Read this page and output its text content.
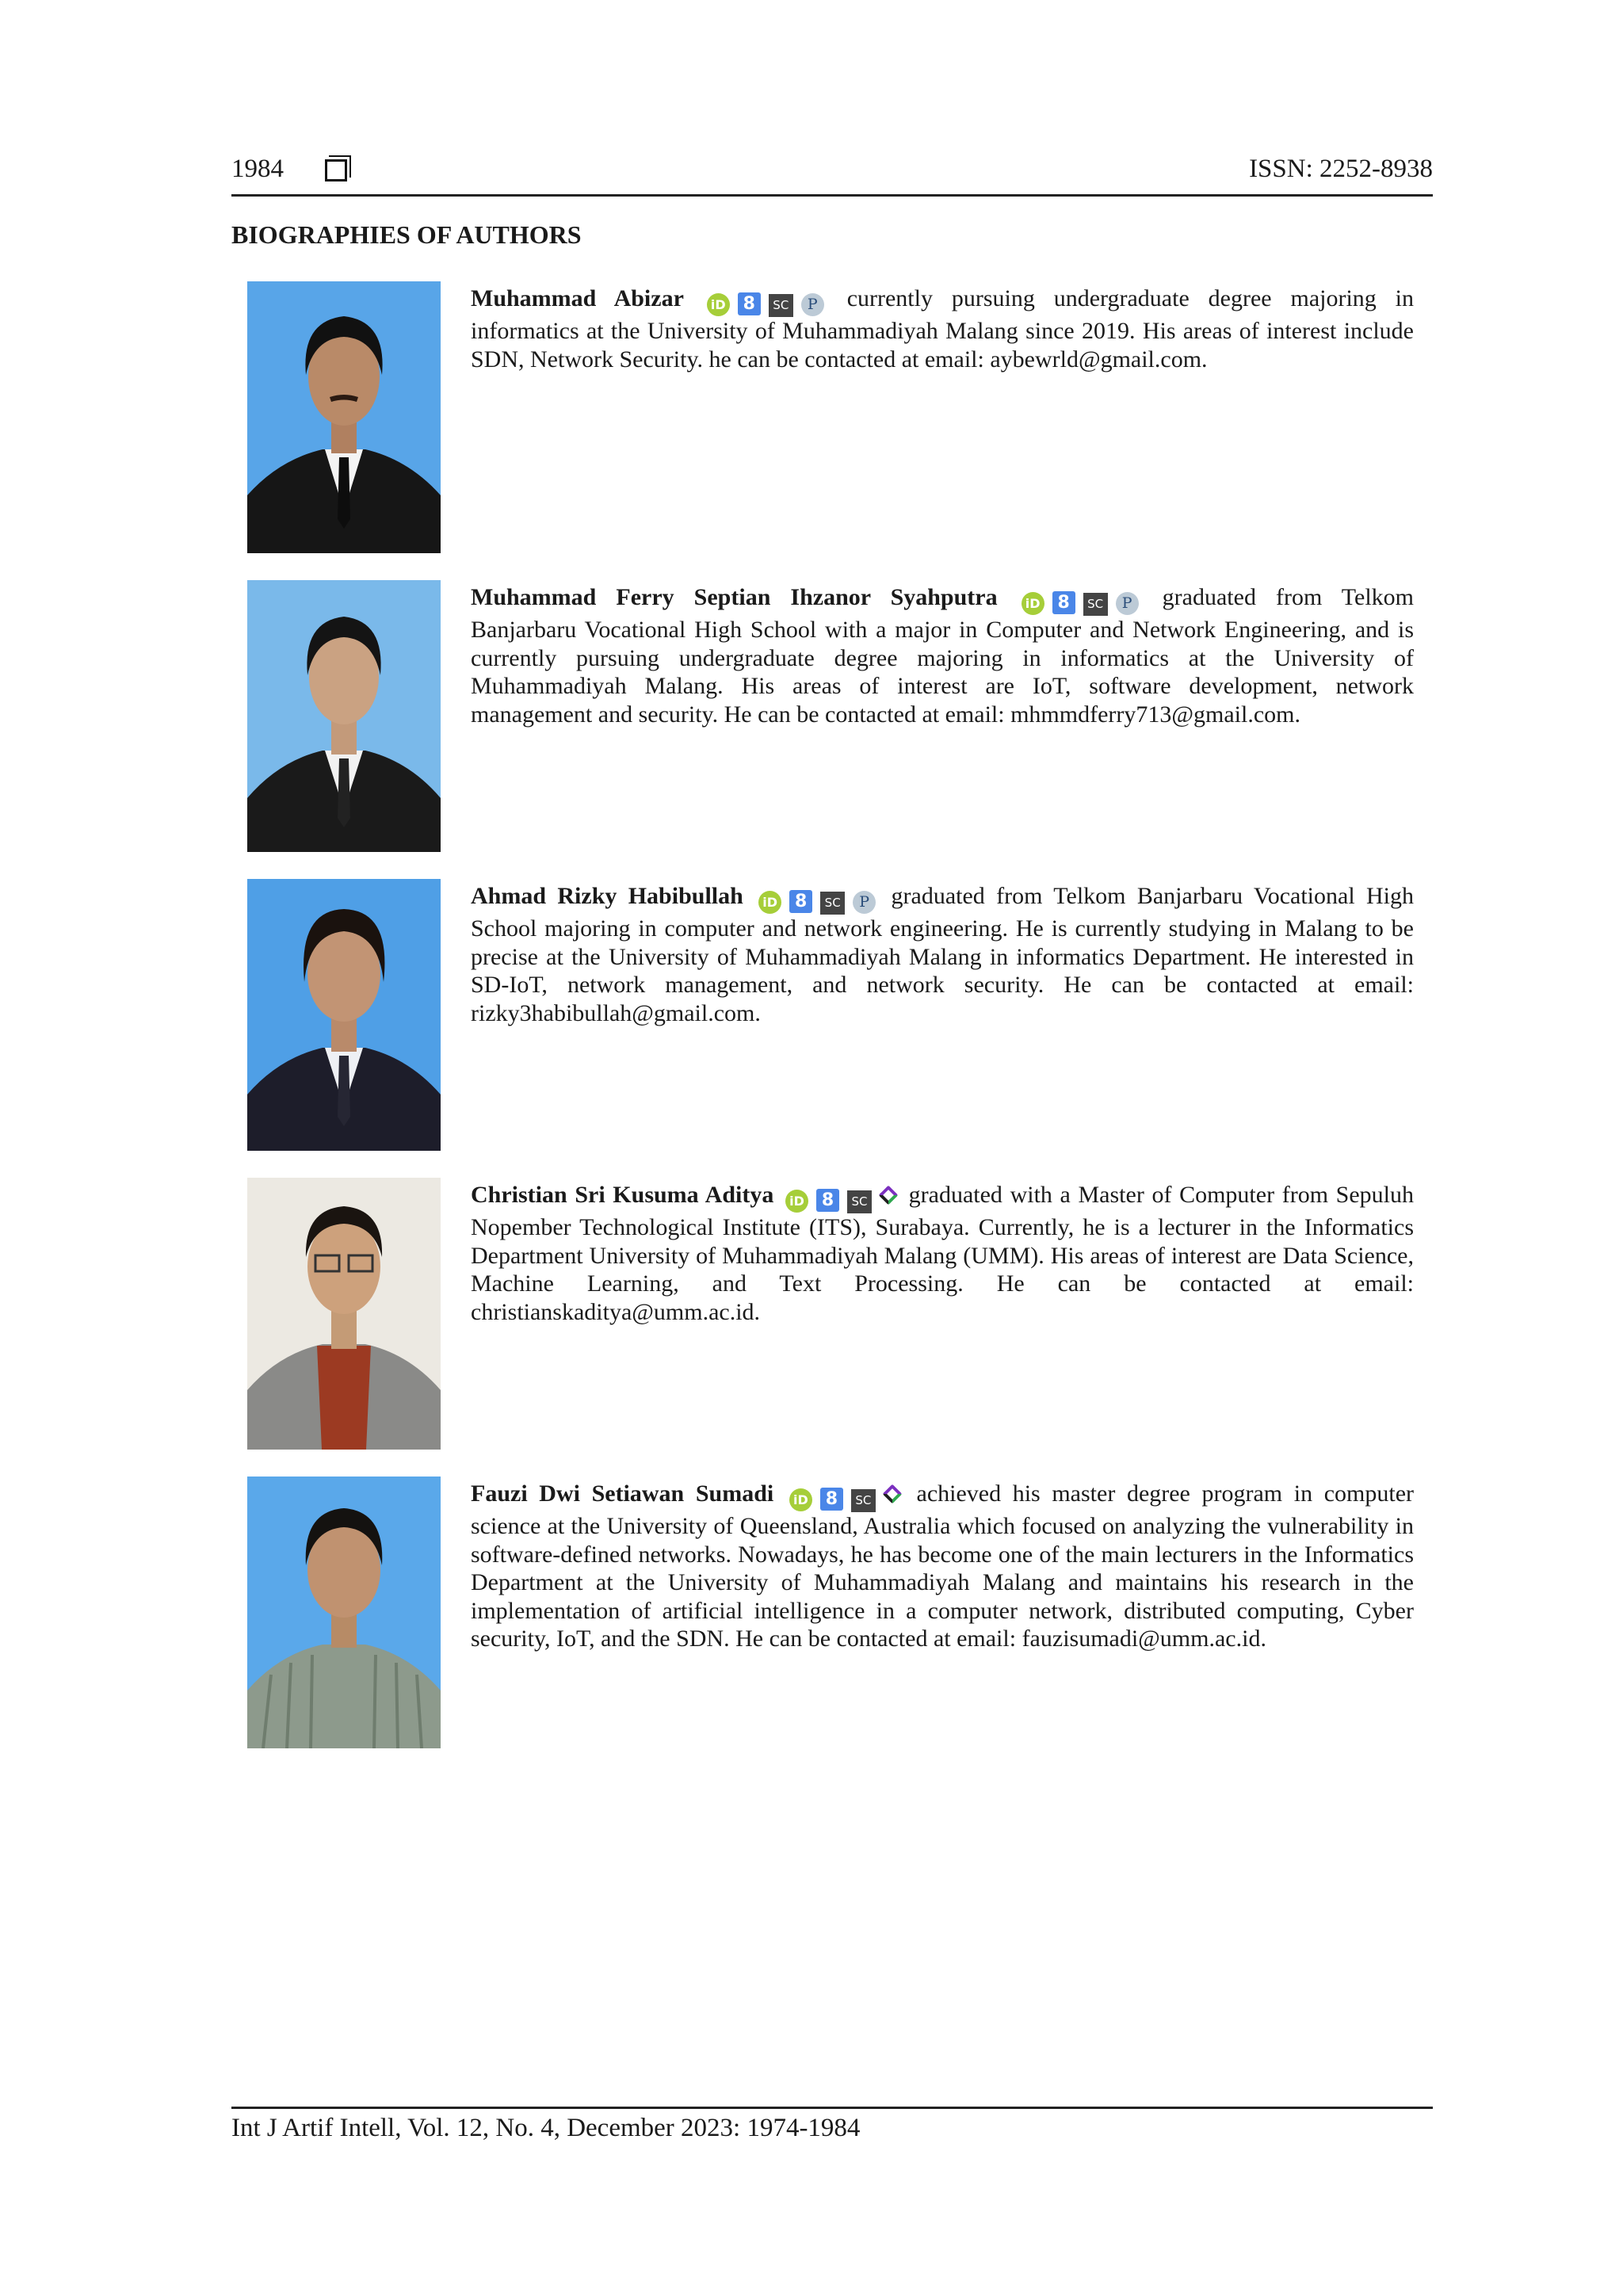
1984	ISSN: 2252-8938
BIOGRAPHIES OF AUTHORS
Muhammad Abizar iD 8 SC P currently pursuing undergraduate degree majoring in informatics at the University of Muhammadiyah Malang since 2019. His areas of interest include SDN, Network Security. he can be contacted at email: aybewrld@gmail.com.
Muhammad Ferry Septian Ihzanor Syahputra iD 8 SC P graduated from Telkom Banjarbaru Vocational High School with a major in Computer and Network Engineering, and is currently pursuing undergraduate degree majoring in informatics at the University of Muhammadiyah Malang. His areas of interest are IoT, software development, network management and security. He can be contacted at email: mhmmdferry713@gmail.com.
Ahmad Rizky Habibullah iD 8 SC P graduated from Telkom Banjarbaru Vocational High School majoring in computer and network engineering. He is currently studying in Malang to be precise at the University of Muhammadiyah Malang in informatics Department. He interested in SD-IoT, network management, and network security. He can be contacted at email: rizky3habibullah@gmail.com.
Christian Sri Kusuma Aditya iD 8 SC graduated with a Master of Computer from Sepuluh Nopember Technological Institute (ITS), Surabaya. Currently, he is a lecturer in the Informatics Department University of Muhammadiyah Malang (UMM). His areas of interest are Data Science, Machine Learning, and Text Processing. He can be contacted at email: christianskaditya@umm.ac.id.
Fauzi Dwi Setiawan Sumadi iD 8 SC achieved his master degree program in computer science at the University of Queensland, Australia which focused on analyzing the vulnerability in software-defined networks. Nowadays, he has become one of the main lecturers in the Informatics Department at the University of Muhammadiyah Malang and maintains his research in the implementation of artificial intelligence in a computer network, distributed computing, Cyber security, IoT, and the SDN. He can be contacted at email: fauzisumadi@umm.ac.id.
Int J Artif Intell, Vol. 12, No. 4, December 2023: 1974-1984
